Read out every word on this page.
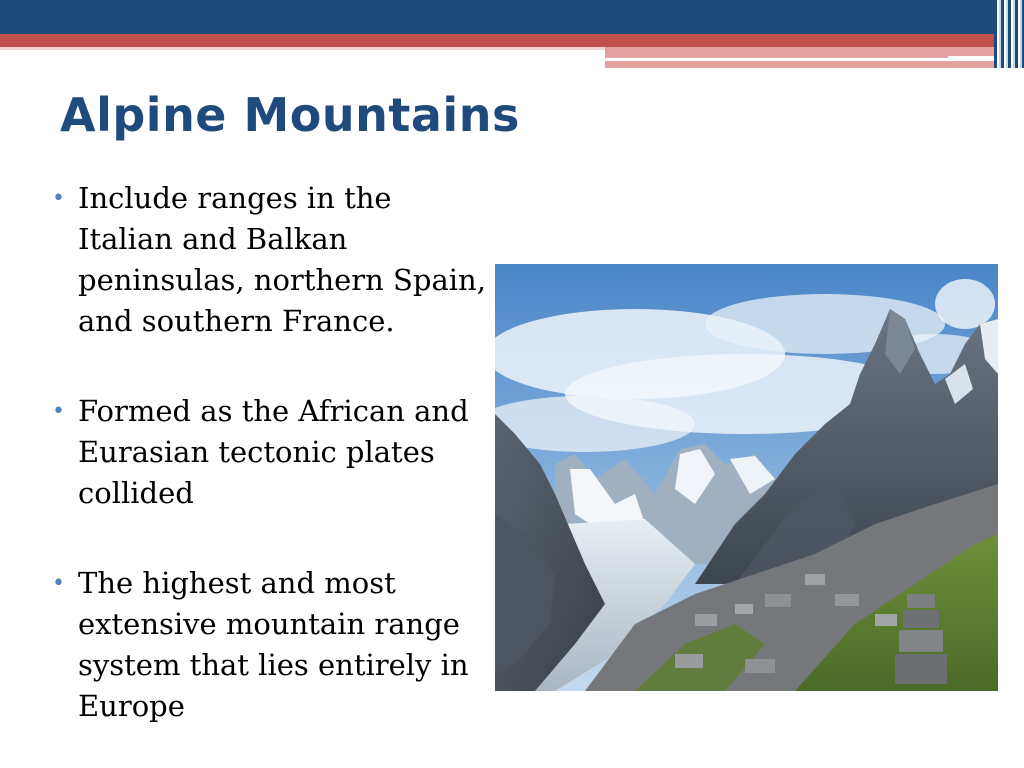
Alpine Mountains
• Include ranges in the Italian and Balkan peninsulas, northern Spain, and southern France.
• Formed as the African and Eurasian tectonic plates collided
• The highest and most extensive mountain range system that lies entirely in Europe
